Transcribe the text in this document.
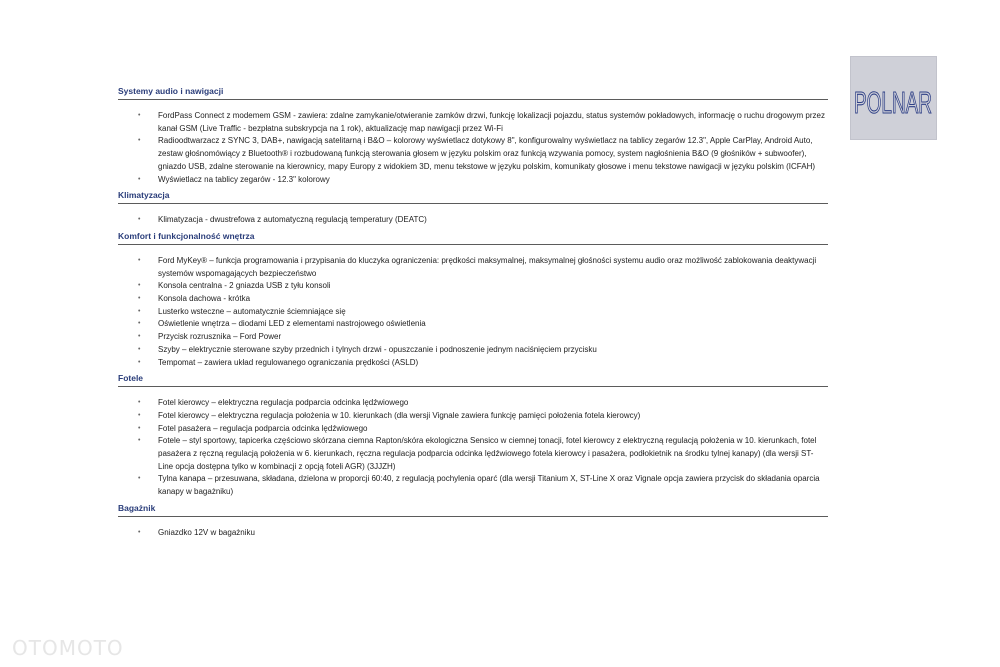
POLNAR
Systemy audio i nawigacji
• FordPass Connect z modemem GSM - zawiera: zdalne zamykanie/otwieranie zamków drzwi, funkcję lokalizacji pojazdu, status systemów pokładowych, informację o ruchu drogowym przez kanał GSM (Live Traffic - bezpłatna subskrypcja na 1 rok), aktualizację map nawigacji przez Wi-Fi
• Radioodtwarzacz z SYNC 3, DAB+, nawigacją satelitarną i B&O – kolorowy wyświetlacz dotykowy 8", konfigurowalny wyświetlacz na tablicy zegarów 12.3", Apple CarPlay, Android Auto, zestaw głośnomówiący z Bluetooth® i rozbudowaną funkcją sterowania głosem w języku polskim oraz funkcją wzywania pomocy, system nagłośnienia B&O (9 głośników + subwoofer), gniazdo USB, zdalne sterowanie na kierownicy, mapy Europy z widokiem 3D, menu tekstowe w języku polskim, komunikaty głosowe i menu tekstowe nawigacji w języku polskim (ICFAH)
• Wyświetlacz na tablicy zegarów - 12.3" kolorowy
Klimatyzacja
• Klimatyzacja - dwustrefowa z automatyczną regulacją temperatury (DEATC)
Komfort i funkcjonalność wnętrza
• Ford MyKey® – funkcja programowania i przypisania do kluczyka ograniczenia: prędkości maksymalnej, maksymalnej głośności systemu audio oraz możliwość zablokowania deaktywacji systemów wspomagających bezpieczeństwo
• Konsola centralna - 2 gniazda USB z tyłu konsoli
• Konsola dachowa - krótka
• Lusterko wsteczne – automatycznie ściemniające się
• Oświetlenie wnętrza – diodami LED z elementami nastrojowego oświetlenia
• Przycisk rozrusznika – Ford Power
• Szyby – elektrycznie sterowane szyby przednich i tylnych drzwi - opuszczanie i podnoszenie jednym naciśnięciem przycisku
• Tempomat – zawiera układ regulowanego ograniczania prędkości (ASLD)
Fotele
• Fotel kierowcy – elektryczna regulacja podparcia odcinka lędźwiowego
• Fotel kierowcy – elektryczna regulacja położenia w 10. kierunkach (dla wersji Vignale zawiera funkcję pamięci położenia fotela kierowcy)
• Fotel pasażera – regulacja podparcia odcinka lędźwiowego
• Fotele – styl sportowy, tapicerka częściowo skórzana ciemna Rapton/skóra ekologiczna Sensico w ciemnej tonacji, fotel kierowcy z elektryczną regulacją położenia w 10. kierunkach, fotel pasażera z ręczną regulacją położenia w 6. kierunkach, ręczna regulacja podparcia odcinka lędźwiowego fotela kierowcy i pasażera, podłokietnik na środku tylnej kanapy) (dla wersji ST-Line opcja dostępna tylko w kombinacji z opcją foteli AGR) (3JJZH)
• Tylna kanapa – przesuwana, składana, dzielona w proporcji 60:40, z regulacją pochylenia oparć (dla wersji Titanium X, ST-Line X oraz Vignale opcja zawiera przycisk do składania oparcia kanapy w bagażniku)
Bagażnik
• Gniazdko 12V w bagażniku
OTOMOTO
